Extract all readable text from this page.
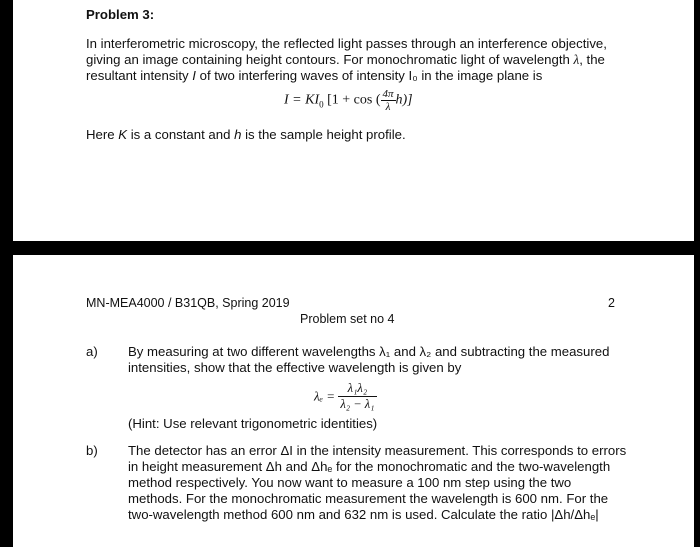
Problem 3:
In interferometric microscopy, the reflected light passes through an interference objective,
giving an image containing height contours. For monochromatic light of wavelength λ, the
resultant intensity I of two interfering waves of intensity I₀ in the image plane is
$I = KI_0$ [1 + cos ( $\frac{4\pi}{\lambda} h$)]
Here K is a constant and h is the sample height profile.
MN-MEA4000 / B31QB, Spring 2019	2
Problem set no 4
a) By measuring at two different wavelengths λ₁ and λ₂ and subtracting the measured
intensities, show that the effective wavelength is given by
$\lambda_e = \frac{\text{λ₁λ₂}}{\text{λ₂ − λ₁}}$
(Hint: Use relevant trigonometric identities)
b) The detector has an error ΔI in the intensity measurement. This corresponds to errors
in height measurement Δh and Δhₑ for the monochromatic and the two-wavelength
method respectively. You now want to measure a 100 nm step using the two
methods. For the monochromatic measurement the wavelength is 600 nm. For the
two-wavelength method 600 nm and 632 nm is used. Calculate the ratio |Δh/Δhₑ|
